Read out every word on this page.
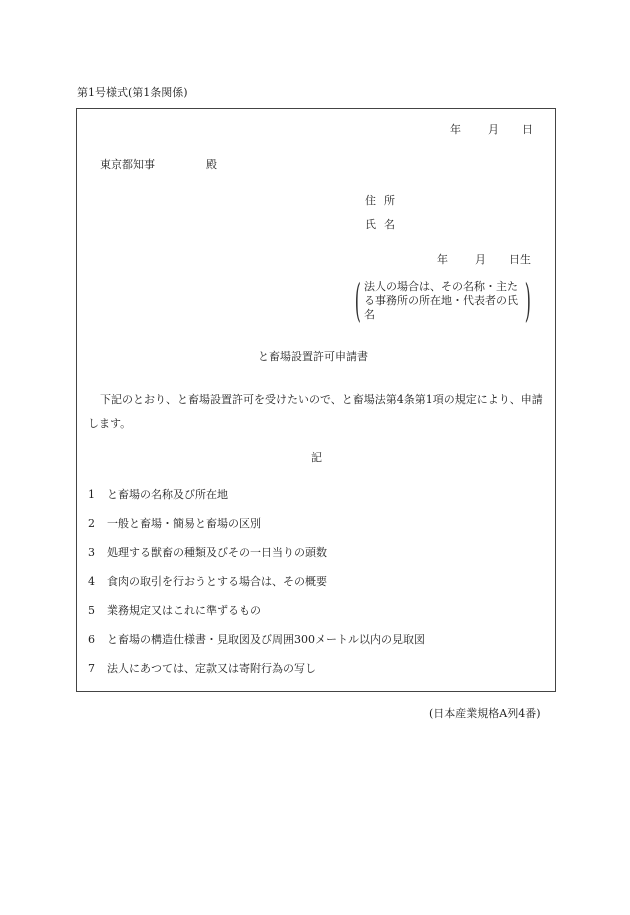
第1号様式(第1条関係)
年 月 日
東京都知事	殿
住所
氏名
年 月 日生
( 法人の場合は、その名称・主たる事務所の所在地・代表者の氏名	)
と畜場設置許可申請書
下記のとおり、と畜場設置許可を受けたいので、と畜場法第4条第1項の規定により、申請します。
記
1 と畜場の名称及び所在地
2 一般と畜場・簡易と畜場の区別
3 処理する獣畜の種類及びその一日当りの頭数
4 食肉の取引を行おうとする場合は、その概要
5 業務規定又はこれに準ずるもの
6 と畜場の構造仕様書・見取図及び周囲300メートル以内の見取図
7 法人にあつては、定款又は寄附行為の写し
(日本産業規格A列4番)
